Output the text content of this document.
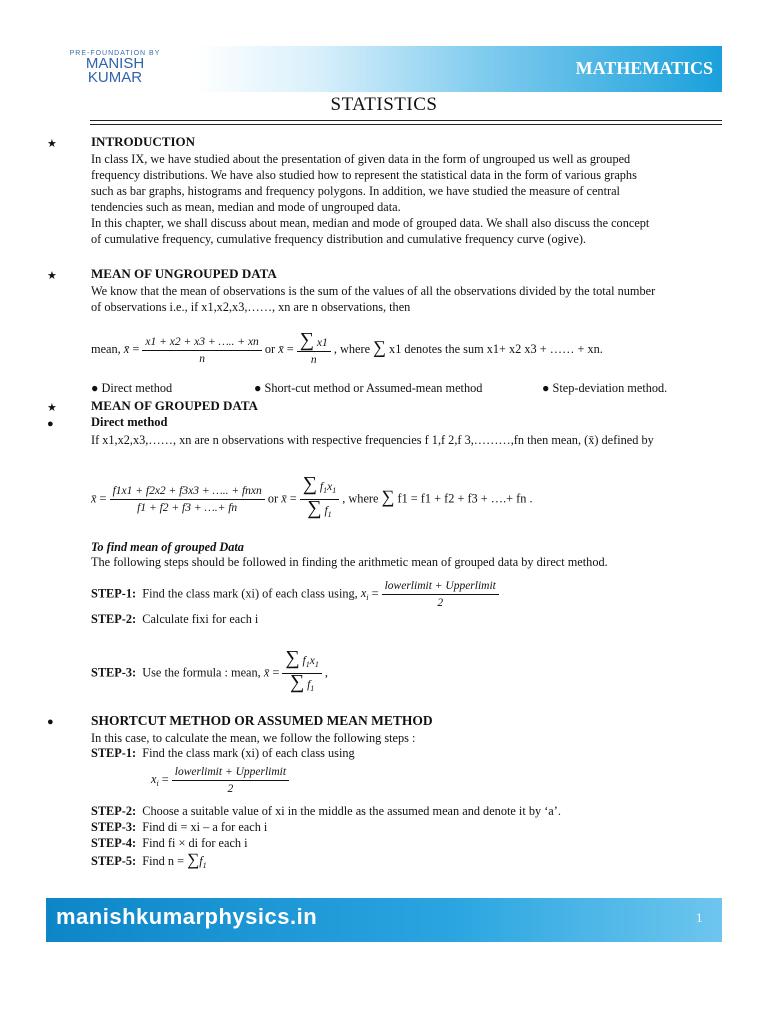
PRE-FOUNDATION BY
MANISH
KUMAR	MATHEMATICS
STATISTICS
★	INTRODUCTION
In class IX, we have studied about the presentation of given data in the form of ungrouped us well as grouped
frequency distributions. We have also studied how to represent the statistical data in the form of various graphs
such as bar graphs, histograms and frequency polygons. In addition, we have studied the measure of central
tendencies such as mean, median and mode of ungrouped data.
In this chapter, we shall discuss about mean, median and mode of grouped data. We shall also discuss the concept
of cumulative frequency, cumulative frequency distribution and cumulative frequency curve (ogive).
★	MEAN OF UNGROUPED DATA
We know that the mean of observations is the sum of the values of all the observations divided by the total number
of observations i.e., if x1,x2,x3,……, xn are n observations, then
mean, x̄ = $\frac{x1 + x2 + x3 + \dots.. + xn}{n}$ or x̄ = $\frac{\sum x1}{n}$ , where ∑ x1 denotes the sum x1+ x2 x3 + …… + xn.
● Direct method	● Short-cut method or Assumed-mean method	● Step-deviation method.
★	MEAN OF GROUPED DATA
●	Direct method
If x1,x2,x3,……, xn are n observations with respective frequencies f 1,f 2,f 3,………,fn then mean, (x̄) defined by
x̄ = $\frac{\text{f1x1 + f2x2 + f3x3 + ….. + fnxn}}{f1 + f2 + f3 + \dots.+ fn}$ or x̄ = $\frac{\sum f_1x_1}{\sum f_1}$ , where ∑ f1 = f1 + f2 + f3 + ….+ fn .
To find mean of grouped Data
The following steps should be followed in finding the arithmetic mean of grouped data by direct method.
STEP-1: Find the class mark (xi) of each class using, $x_i = \frac{\text{lowerlimit + Upperlimit}}{2}$
STEP-2: Calculate fixi for each i
STEP-3: Use the formula : mean, x̄ = $\frac{\sum f_1x_1}{\sum f_1}$ ,
●	SHORTCUT METHOD OR ASSUMED MEAN METHOD
In this case, to calculate the mean, we follow the following steps :
STEP-1: Find the class mark (xi) of each class using
$x_i = \frac{\text{lowerlimit + Upperlimit}}{2}$
STEP-2: Choose a suitable value of xi in the middle as the assumed mean and denote it by ‘a’.
STEP-3: Find di = xi – a for each i
STEP-4: Find fi × di for each i
STEP-5: Find $n = \sum f_1$
manishkumarphysics.in	1
